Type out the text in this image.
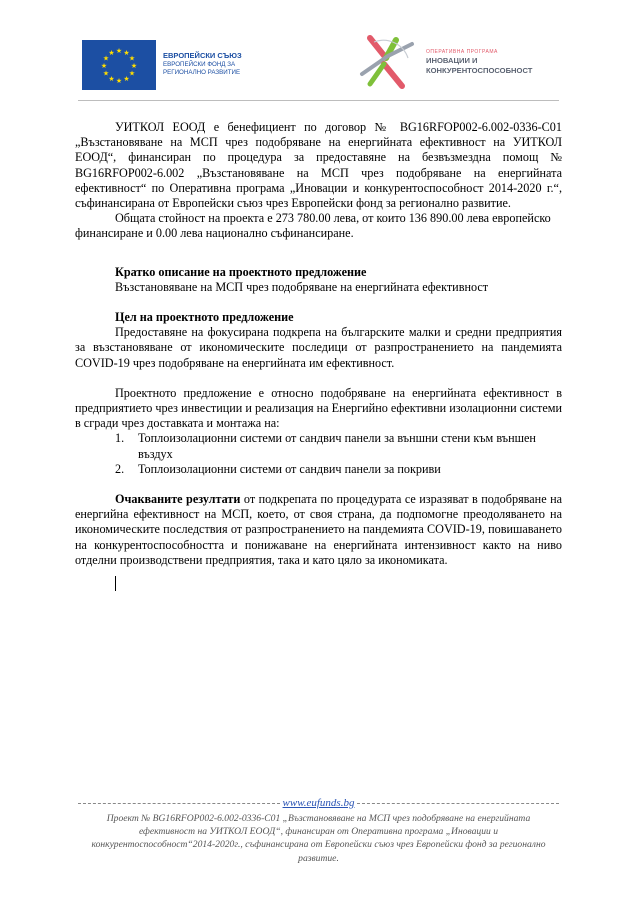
★ ★
★
★
★
★
★
★
★
★
★
★	ЕВРОПЕЙСКИ СЪЮЗ
ЕВРОПЕЙСКИ ФОНД ЗА
РЕГИОНАЛНО РАЗВИТИЕ
ОПЕРАТИВНА ПРОГРАМА
ИНОВАЦИИ И
КОНКУРЕНТОСПОСОБНОСТ

УИТКОЛ ЕООД е бенефициент по договор № BG16RFOP002-6.002-0336-C01 „Възстановяване на МСП чрез подобряване на енергийната ефективност на УИТКОЛ ЕООД“, финансиран по процедура за предоставяне на безвъзмездна помощ № BG16RFOP002-6.002 „Възстановяване на МСП чрез подобряване на енергийната ефективност“ по Оперативна програма „Иновации и конкурентоспособност 2014-2020 г.“, съфинансирана от Европейски съюз чрез Европейски фонд за регионално развитие.

Общата стойност на проекта е 273 780.00 лева, от които 136 890.00 лева европейско финансиране и 0.00 лева национално съфинансиране.

Кратко описание на проектното предложение

Възстановяване на МСП чрез подобряване на енергийната ефективност

Цел на проектното предложение

Предоставяне на фокусирана подкрепа на българските малки и средни предприятия за възстановяване от икономическите последици от разпространението на пандемията COVID-19 чрез подобряване на енергийната им ефективност.

Проектното предложение е относно подобряване на енергийната ефективност в предприятието чрез инвестиции и реализация на Енергийно ефективни изолационни системи в сгради чрез доставката и монтажа на:

1. Топлоизолационни системи от сандвич панели за външни стени към външен въздух
2. Топлоизолационни системи от сандвич панели за покриви

Очакваните резултати от подкрепата по процедурата се изразяват в подобряване на енергийна ефективност на МСП, което, от своя страна, да подпомогне преодоляването на икономическите последствия от разпространението на пандемията COVID-19, повишаването на конкурентоспособността и понижаване на енергийната интензивност както на ниво отделни производствени предприятия, така и като цяло за икономиката.

www.eufunds.bg
Проект № BG16RFOP002-6.002-0336-C01 „Възстановяване на МСП чрез подобряване на енергийната ефективност на УИТКОЛ ЕООД“, финансиран от Оперативна програма „Иновации и конкурентоспособност“2014-2020г., съфинансирана от Европейски съюз чрез Европейски фонд за регионално развитие.
